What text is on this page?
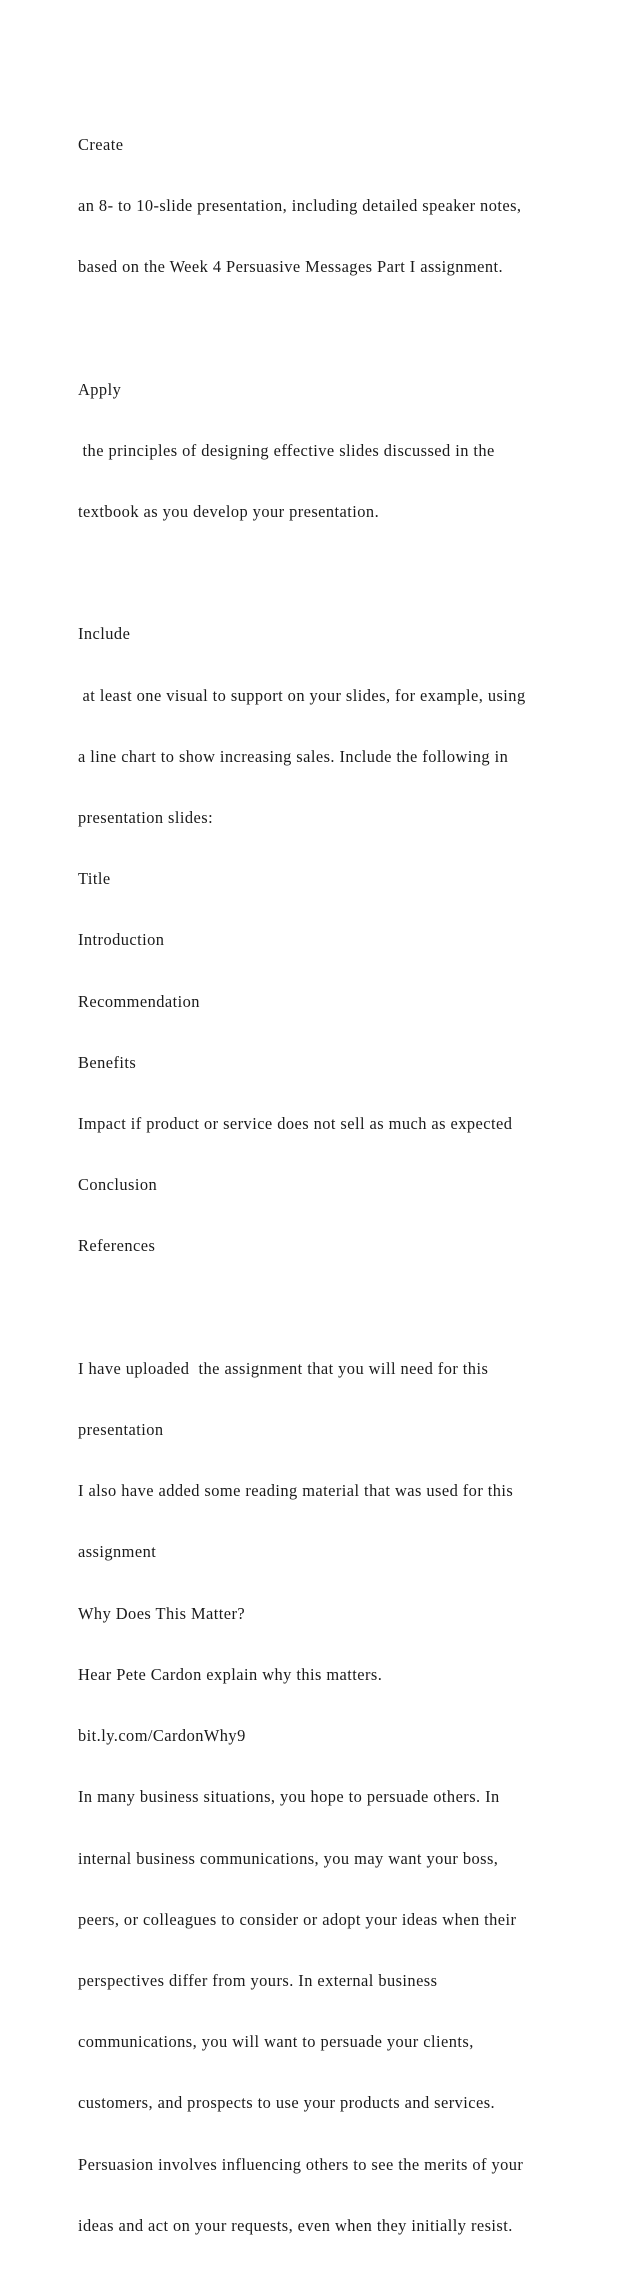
Create

an 8- to 10-slide presentation, including detailed speaker notes,

based on the Week 4 Persuasive Messages Part I assignment.

Apply

the principles of designing effective slides discussed in the

textbook as you develop your presentation.

Include

at least one visual to support on your slides, for example, using

a line chart to show increasing sales. Include the following in

presentation slides:

Title

Introduction

Recommendation

Benefits

Impact if product or service does not sell as much as expected

Conclusion

References

I have uploaded  the assignment that you will need for this

presentation

I also have added some reading material that was used for this

assignment

Why Does This Matter?

Hear Pete Cardon explain why this matters.

bit.ly.com/CardonWhy9

In many business situations, you hope to persuade others. In

internal business communications, you may want your boss,

peers, or colleagues to consider or adopt your ideas when their

perspectives differ from yours. In external business

communications, you will want to persuade your clients,

customers, and prospects to use your products and services.

Persuasion involves influencing others to see the merits of your

ideas and act on your requests, even when they initially resist.
